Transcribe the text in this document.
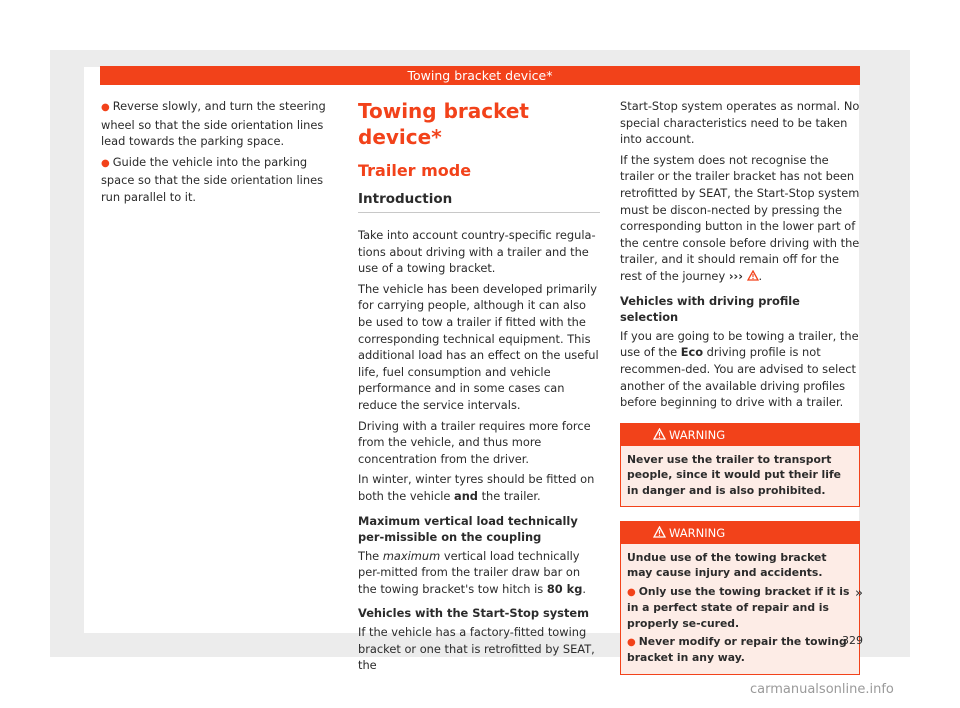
Towing bracket device*

● Reverse slowly, and turn the steering wheel so that the side orientation lines lead towards the parking space.

● Guide the vehicle into the parking space so that the side orientation lines run parallel to it.

Towing bracket device*
Trailer mode
Introduction

Take into account country-specific regula-tions about driving with a trailer and the use of a towing bracket.

The vehicle has been developed primarily for carrying people, although it can also be used to tow a trailer if fitted with the corresponding technical equipment. This additional load has an effect on the useful life, fuel consumption and vehicle performance and in some cases can reduce the service intervals.

Driving with a trailer requires more force from the vehicle, and thus more concentration from the driver.

In winter, winter tyres should be fitted on both the vehicle and the trailer.

Maximum vertical load technically per-missible on the coupling

The maximum vertical load technically per-mitted from the trailer draw bar on the towing bracket's tow hitch is 80 kg.

Vehicles with the Start-Stop system

If the vehicle has a factory-fitted towing bracket or one that is retrofitted by SEAT, the

Start-Stop system operates as normal. No special characteristics need to be taken into account.

If the system does not recognise the trailer or the trailer bracket has not been retrofitted by SEAT, the Start-Stop system must be discon-nected by pressing the corresponding button in the lower part of the centre console before driving with the trailer, and it should remain off for the rest of the journey ››› .

Vehicles with driving profile selection

If you are going to be towing a trailer, the use of the Eco driving profile is not recommen-ded. You are advised to select another of the available driving profiles before beginning to drive with a trailer.

WARNING

Never use the trailer to transport people, since it would put their life in danger and is also prohibited.

WARNING

Undue use of the towing bracket may cause injury and accidents.

● Only use the towing bracket if it is in a perfect state of repair and is properly se-cured.

● Never modify or repair the towing bracket in any way.

»
329
carmanualsonline.info
